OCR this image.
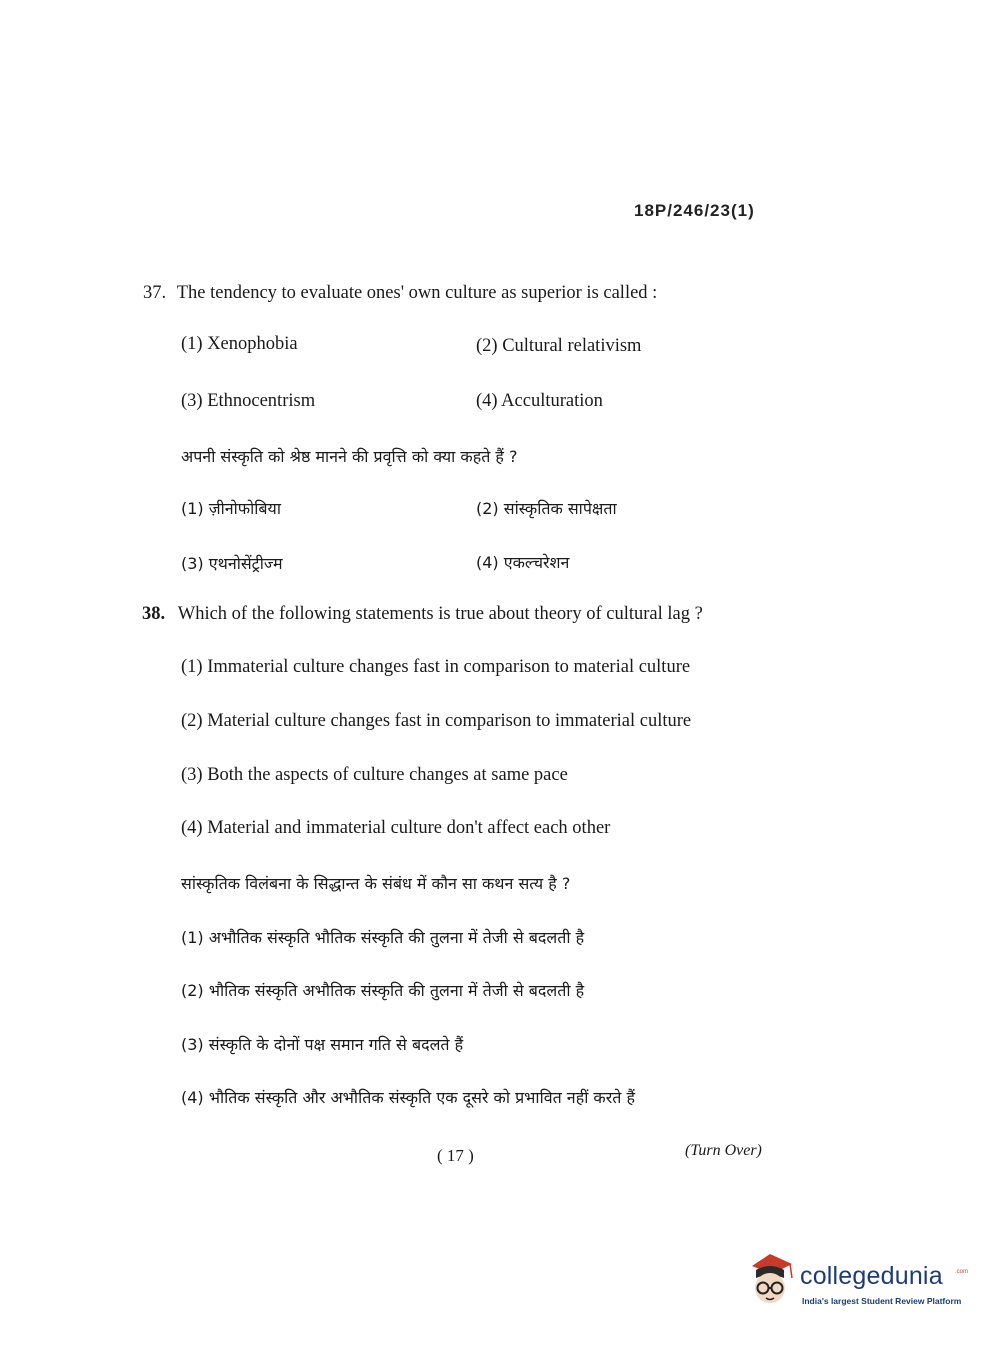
18P/246/23(1)
37. The tendency to evaluate ones' own culture as superior is called :
(1) Xenophobia	(2) Cultural relativism
(3) Ethnocentrism	(4) Acculturation
अपनी संस्कृति को श्रेष्ठ मानने की प्रवृत्ति को क्या कहते हैं ?
(1) ज़ीनोफोबिया	(2) सांस्कृतिक सापेक्षता
(3) एथनोसेंट्रीज्म	(4) एकल्चरेशन
38. Which of the following statements is true about theory of cultural lag ?
(1) Immaterial culture changes fast in comparison to material culture
(2) Material culture changes fast in comparison to immaterial culture
(3) Both the aspects of culture changes at same pace
(4) Material and immaterial culture don't affect each other
सांस्कृतिक विलंबना के सिद्धान्त के संबंध में कौन सा कथन सत्य है ?
(1) अभौतिक संस्कृति भौतिक संस्कृति की तुलना में तेजी से बदलती है
(2) भौतिक संस्कृति अभौतिक संस्कृति की तुलना में तेजी से बदलती है
(3) संस्कृति के दोनों पक्ष समान गति से बदलते हैं
(4) भौतिक संस्कृति और अभौतिक संस्कृति एक दूसरे को प्रभावित नहीं करते हैं
( 17 )	(Turn Over)
collegedunia .com
India's largest Student Review Platform
